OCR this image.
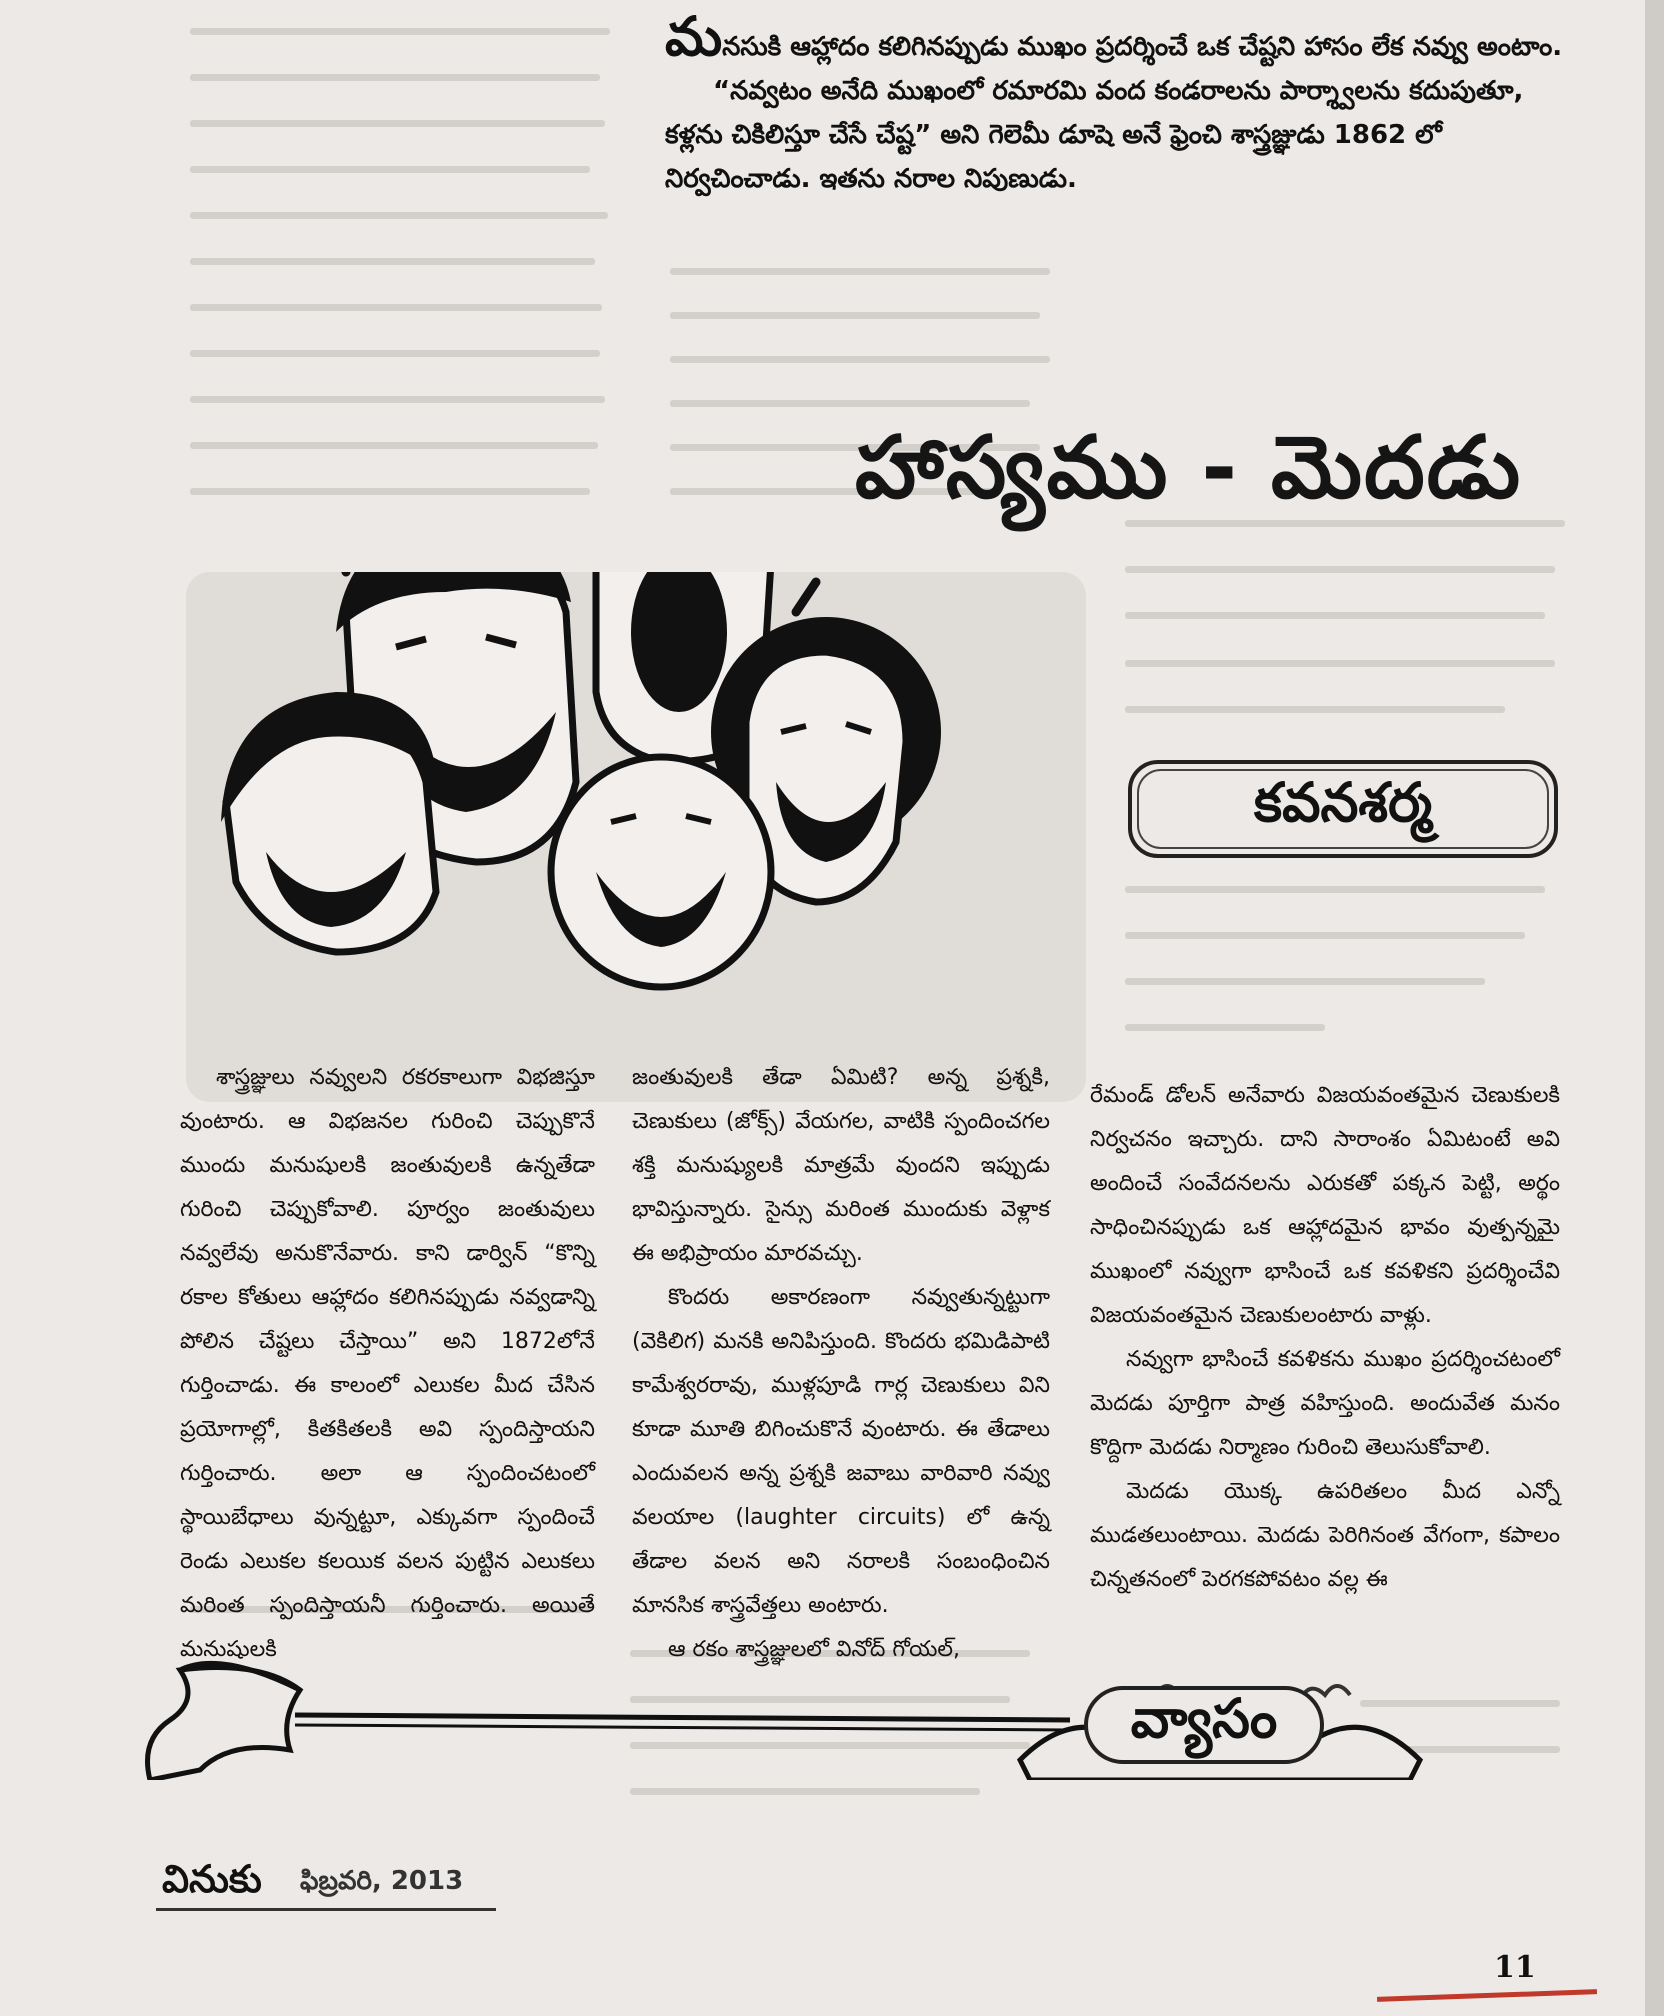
మనసుకి ఆహ్లాదం కలిగినప్పుడు ముఖం ప్రదర్శించే ఒక చేష్టని హాసం లేక నవ్వు అంటాం.

“నవ్వటం అనేది ముఖంలో రమారమి వంద కండరాలను పార్శ్వాలను కదుపుతూ, కళ్లను చికిలిస్తూ చేసే చేష్ట” అని గెలెమీ డూషె అనే ఫ్రెంచి శాస్త్రజ్ఞుడు 1862 లో నిర్వచించాడు. ఇతను నరాల నిపుణుడు.

హాస్యము - మెదడు
కవనశర్మ

శాస్త్రజ్ఞులు నవ్వులని రకరకాలుగా విభజిస్తూ వుంటారు. ఆ విభజనల గురించి చెప్పుకొనే ముందు మనుషులకి జంతువులకి ఉన్నతేడా గురించి చెప్పుకోవాలి. పూర్వం జంతువులు నవ్వలేవు అనుకొనేవారు. కాని డార్విన్ “కొన్ని రకాల కోతులు ఆహ్లాదం కలిగినప్పుడు నవ్వడాన్ని పోలిన చేష్టలు చేస్తాయి” అని 1872లోనే గుర్తించాడు. ఈ కాలంలో ఎలుకల మీద చేసిన ప్రయోగాల్లో, కితకితలకి అవి స్పందిస్తాయని గుర్తించారు. అలా ఆ స్పందించటంలో స్థాయిబేధాలు వున్నట్టూ, ఎక్కువగా స్పందించే రెండు ఎలుకల కలయిక వలన పుట్టిన ఎలుకలు మరింత స్పందిస్తాయనీ గుర్తించారు. అయితే మనుషులకి

జంతువులకి తేడా ఏమిటి? అన్న ప్రశ్నకి, చెణుకులు (జోక్స్) వేయగల, వాటికి స్పందించగల శక్తి మనుష్యులకి మాత్రమే వుందని ఇప్పుడు భావిస్తున్నారు. సైన్సు మరింత ముందుకు వెళ్లాక ఈ అభిప్రాయం మారవచ్చు.

కొందరు అకారణంగా నవ్వుతున్నట్టుగా (వెకిలిగ) మనకి అనిపిస్తుంది. కొందరు భమిడిపాటి కామేశ్వరరావు, ముళ్లపూడి గార్ల చెణుకులు విని కూడా మూతి బిగించుకొనే వుంటారు. ఈ తేడాలు ఎందువలన అన్న ప్రశ్నకి జవాబు వారివారి నవ్వు వలయాల (laughter circuits) లో ఉన్న తేడాల వలన అని నరాలకి సంబంధించిన మానసిక శాస్త్రవేత్తలు అంటారు.

ఆ రకం శాస్త్రజ్ఞులలో వినోద్ గోయల్,

రేమండ్ డోలన్ అనేవారు విజయవంతమైన చెణుకులకి నిర్వచనం ఇచ్చారు. దాని సారాంశం ఏమిటంటే అవి అందించే సంవేదనలను ఎరుకతో పక్కన పెట్టి, అర్థం సాధించినప్పుడు ఒక ఆహ్లాదమైన భావం వుత్పన్నమై ముఖంలో నవ్వుగా భాసించే ఒక కవళికని ప్రదర్శించేవి విజయవంతమైన చెణుకులంటారు వాళ్లు.

నవ్వుగా భాసించే కవళికను ముఖం ప్రదర్శించటంలో మెదడు పూర్తిగా పాత్ర వహిస్తుంది. అందువేత మనం కొద్దిగా మెదడు నిర్మాణం గురించి తెలుసుకోవాలి.

మెదడు యొక్క ఉపరితలం మీద ఎన్నో ముడతలుంటాయి. మెదడు పెరిగినంత వేగంగా, కపాలం చిన్నతనంలో పెరగకపోవటం వల్ల ఈ

వ్యాసం
వినుకు ఫిబ్రవరి, 2013
11
